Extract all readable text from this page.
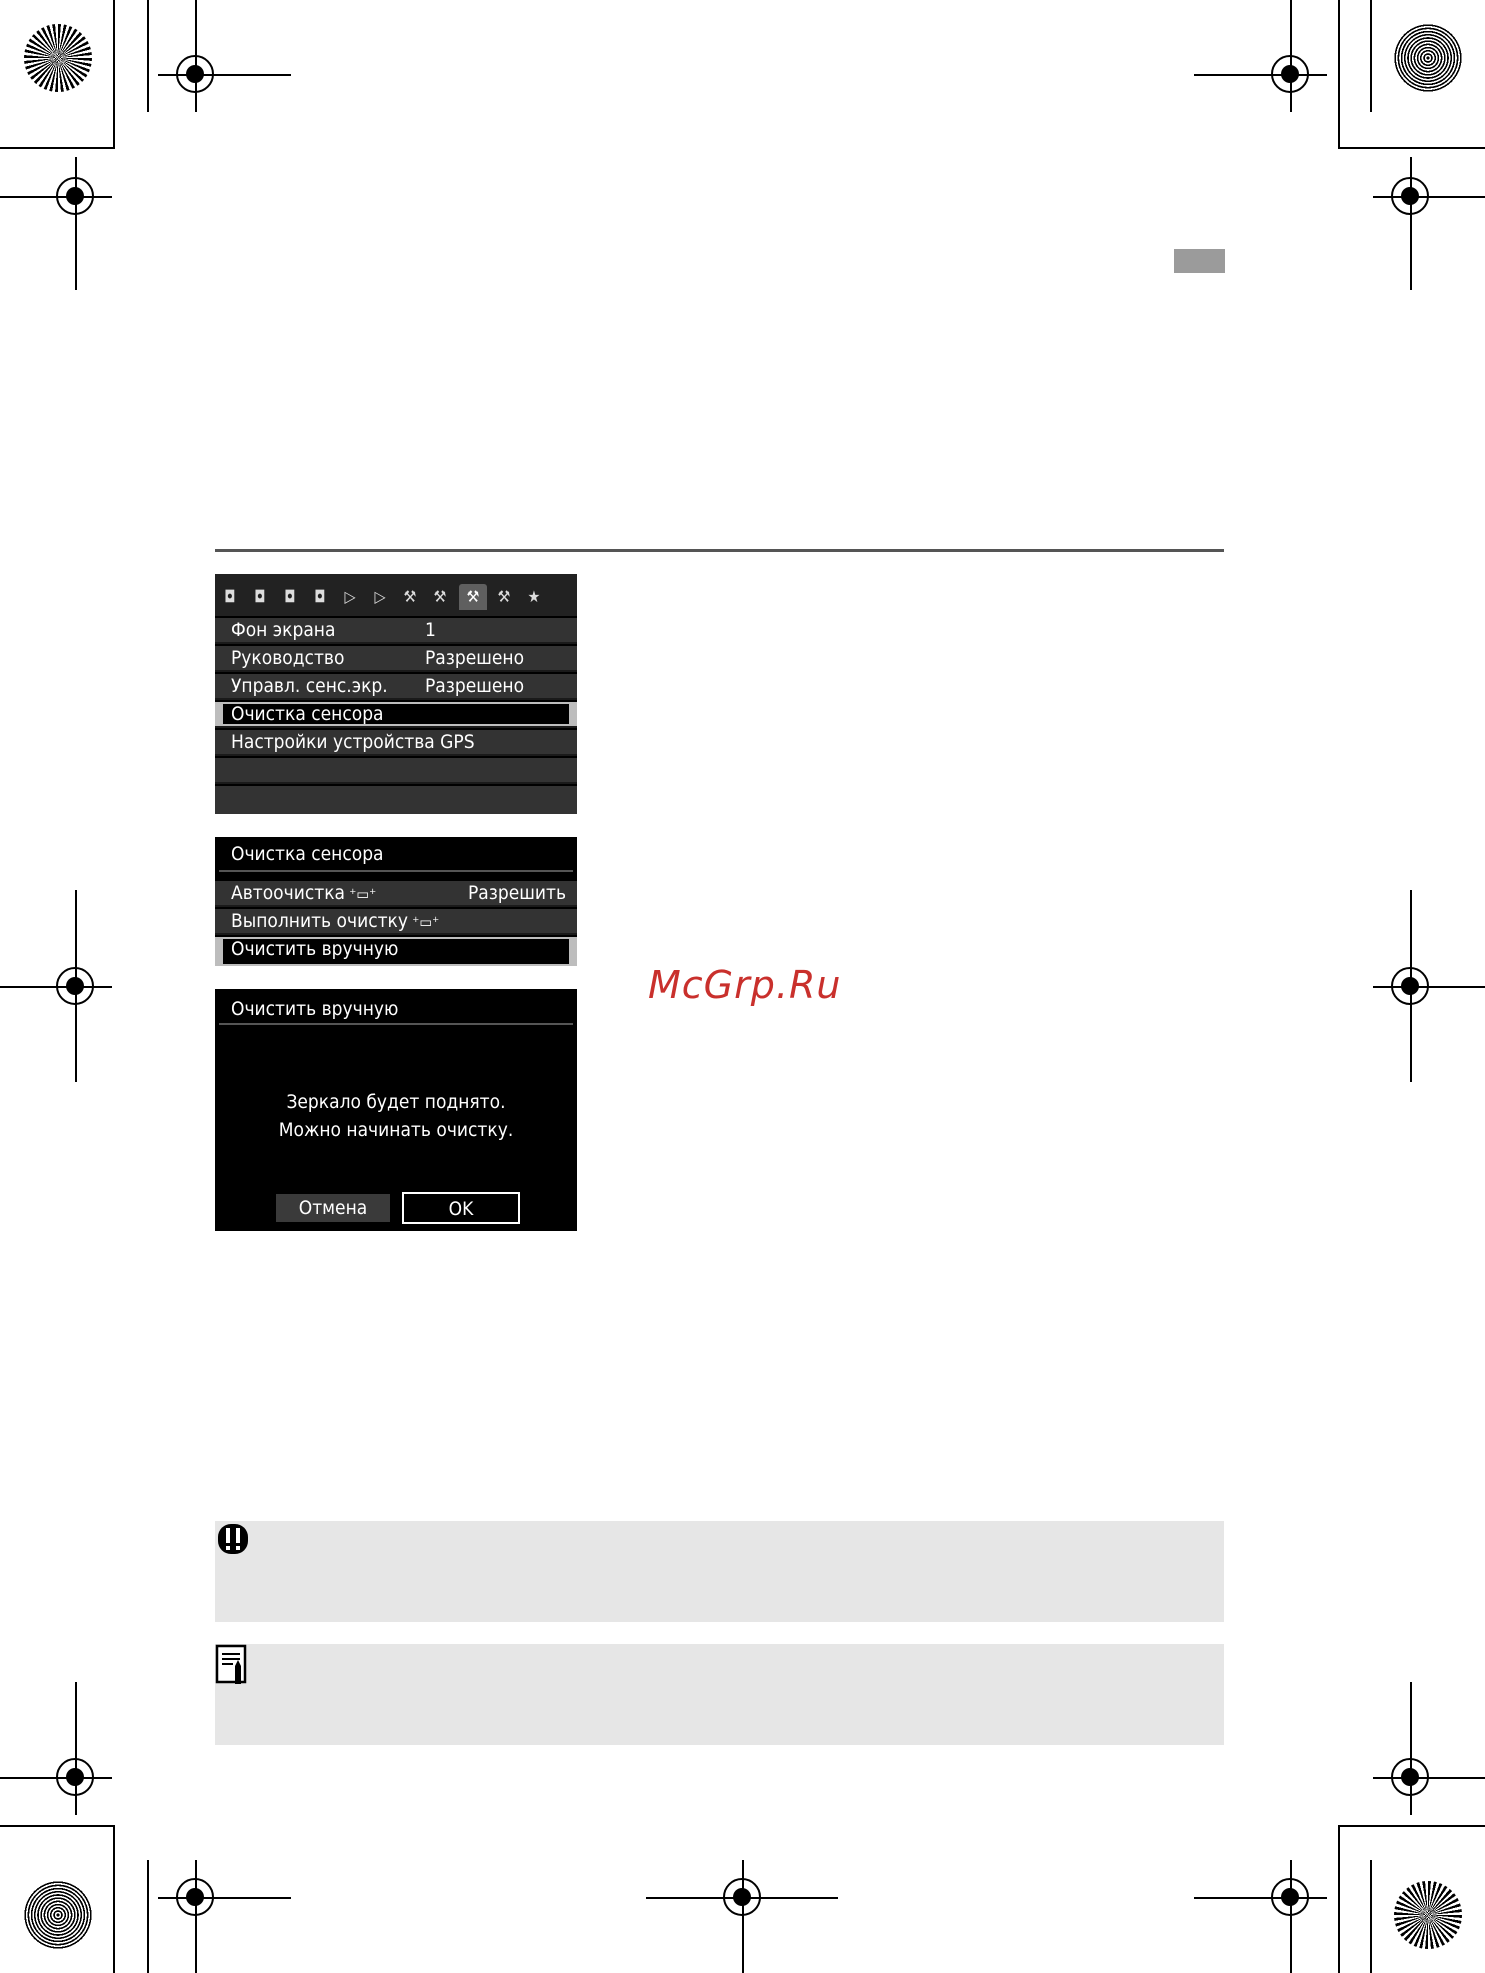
◘	◘	◘	◘	▷	▷	⚒ ⚒	⚒	⚒ ★
Фон экрана	1
Руководство	Разрешено
Управл. сенс.экр. Разрешено
Очистка сенсора
Настройки устройства GPS
Очистка сенсора
Автоочистка ⁺▭⁺	Разрешить
Выполнить очистку ⁺▭⁺
Очистить вручную
Очистить вручную
Зеркало будет поднято.
Можно начинать очистку.
Отмена	OK
McGrp.Ru
